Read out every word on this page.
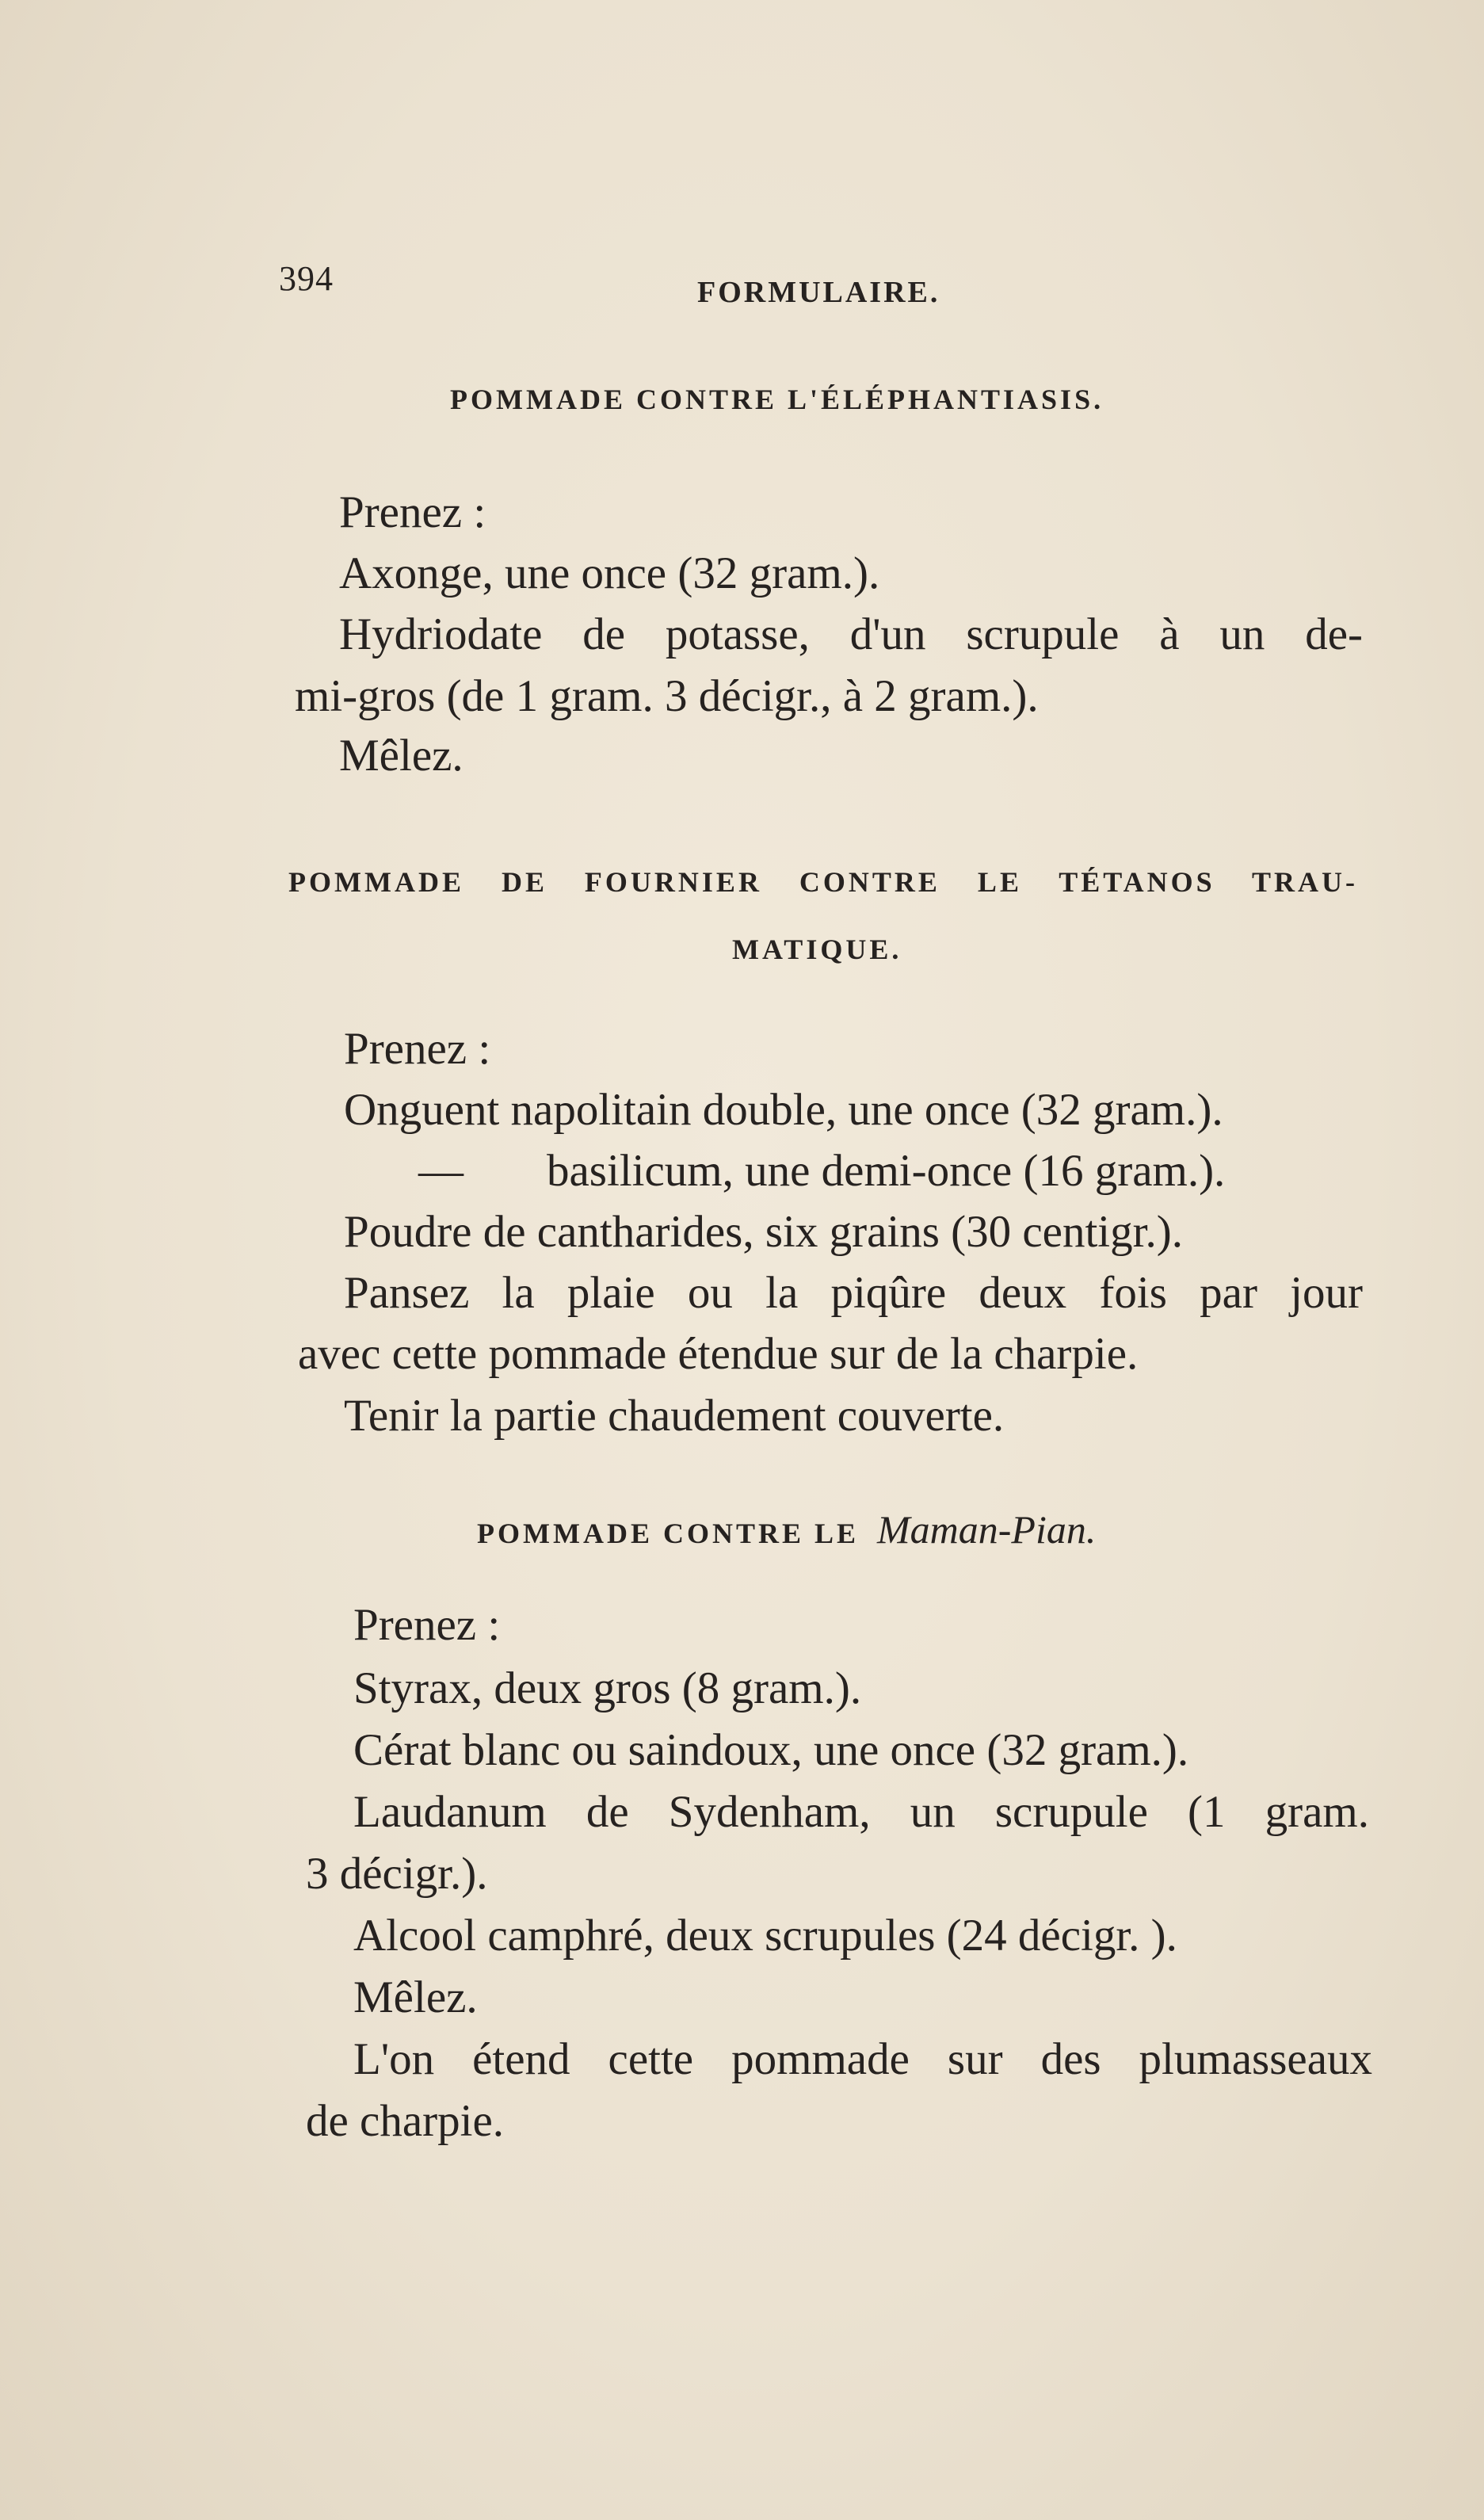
394	FORMULAIRE.
POMMADE CONTRE L'ÉLÉPHANTIASIS.
Prenez :
Axonge, une once (32 gram.).
Hydriodate de potasse, d'un scrupule à un de-
mi-gros (de 1 gram. 3 décigr., à 2 gram.).
Mêlez.
POMMADE DE FOURNIER CONTRE LE TÉTANOS TRAU-
MATIQUE.
Prenez :
Onguent napolitain double, une once (32 gram.).
— basilicum, une demi-once (16 gram.).
Poudre de cantharides, six grains (30 centigr.).
Pansez la plaie ou la piqûre deux fois par jour
avec cette pommade étendue sur de la charpie.
Tenir la partie chaudement couverte.
POMMADE CONTRE LE Maman-Pian.
Prenez :
Styrax, deux gros (8 gram.).
Cérat blanc ou saindoux, une once (32 gram.).
Laudanum de Sydenham, un scrupule (1 gram.
3 décigr.).
Alcool camphré, deux scrupules (24 décigr. ).
Mêlez.
L'on étend cette pommade sur des plumasseaux
de charpie.
